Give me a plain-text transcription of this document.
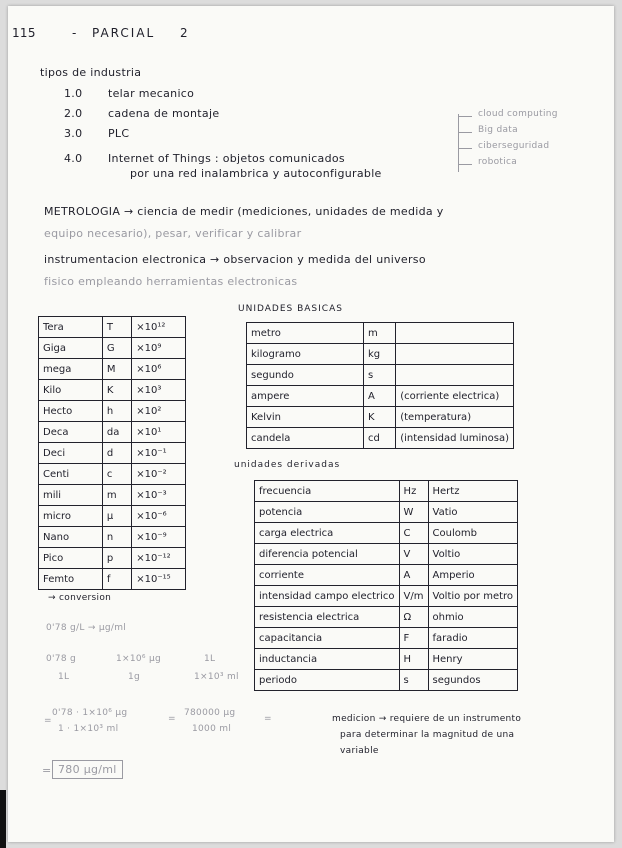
115	- PARCIAL 2
tipos de industria
1.0 telar mecanico
2.0 cadena de montaje
3.0 PLC
4.0 Internet of Things : objetos comunicados
por una red inalambrica y autoconfigurable
cloud computing
Big data
ciberseguridad
robotica
METROLOGIA → ciencia de medir (mediciones, unidades de medida y
equipo necesario), pesar, verificar y calibrar
instrumentacion electronica → observacion y medida del universo
fisico empleando herramientas electronicas
Tera	T	×10¹²
Giga	G	×10⁹
mega	M	×10⁶
Kilo	K	×10³
Hecto	h	×10²
Deca	da	×10¹
Deci	d	×10⁻¹
Centi	c	×10⁻²
mili	m	×10⁻³
micro	µ	×10⁻⁶
Nano	n	×10⁻⁹
Pico	p	×10⁻¹²
Femto	f	×10⁻¹⁵
UNIDADES BASICAS
metro	m	
kilogramo	kg	
segundo	s	
ampere	A	(corriente electrica)
Kelvin	K	(temperatura)
candela	cd	(intensidad luminosa)
unidades derivadas
frecuencia	Hz	Hertz
potencia	W	Vatio
carga electrica	C	Coulomb
diferencia potencial	V	Voltio
corriente	A	Amperio
intensidad campo electrico	V/m	Voltio por metro
resistencia electrica	Ω	ohmio
capacitancia	F	faradio
inductancia	H	Henry
periodo	s	segundos
→ conversion
0'78 g/L → µg/ml
0'78 g
1L
1×10⁶ µg
1g
1L
1×10³ ml
=
0'78 · 1×10⁶ µg
1 · 1×10³ ml
=
780000 µg
1000 ml
=
= 780 µg/ml
medicion → requiere de un instrumento
para determinar la magnitud de una
variable
